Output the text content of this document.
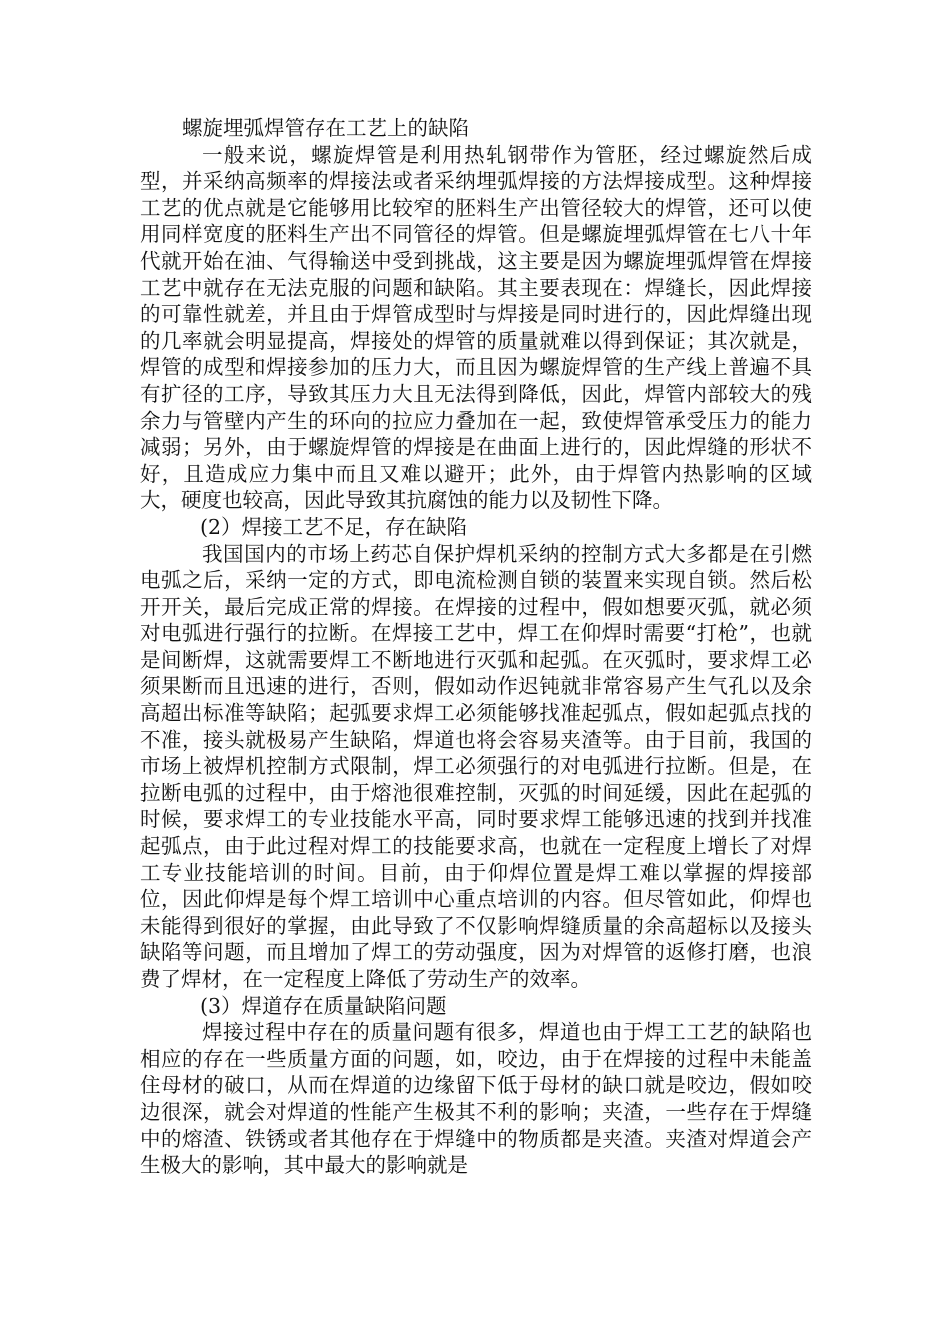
螺旋埋弧焊管存在工艺上的缺陷

一般来说，螺旋焊管是利用热轧钢带作为管胚，经过螺旋然后成型，并采纳高频率的焊接法或者采纳埋弧焊接的方法焊接成型。这种焊接工艺的优点就是它能够用比较窄的胚料生产出管径较大的焊管，还可以使用同样宽度的胚料生产出不同管径的焊管。但是螺旋埋弧焊管在七八十年代就开始在油、气得输送中受到挑战，这主要是因为螺旋埋弧焊管在焊接工艺中就存在无法克服的问题和缺陷。其主要表现在：焊缝长，因此焊接的可靠性就差，并且由于焊管成型时与焊接是同时进行的，因此焊缝出现的几率就会明显提高，焊接处的焊管的质量就难以得到保证；其次就是，焊管的成型和焊接参加的压力大，而且因为螺旋焊管的生产线上普遍不具有扩径的工序，导致其压力大且无法得到降低，因此，焊管内部较大的残余力与管壁内产生的环向的拉应力叠加在一起，致使焊管承受压力的能力减弱；另外，由于螺旋焊管的焊接是在曲面上进行的，因此焊缝的形状不好，且造成应力集中而且又难以避开；此外，由于焊管内热影响的区域大，硬度也较高，因此导致其抗腐蚀的能力以及韧性下降。

(2）焊接工艺不足，存在缺陷

我国国内的市场上药芯自保护焊机采纳的控制方式大多都是在引燃电弧之后，采纳一定的方式，即电流检测自锁的装置来实现自锁。然后松开开关，最后完成正常的焊接。在焊接的过程中，假如想要灭弧，就必须对电弧进行强行的拉断。在焊接工艺中，焊工在仰焊时需要“打枪”，也就是间断焊，这就需要焊工不断地进行灭弧和起弧。在灭弧时，要求焊工必须果断而且迅速的进行，否则，假如动作迟钝就非常容易产生气孔以及余高超出标准等缺陷；起弧要求焊工必须能够找准起弧点，假如起弧点找的不准，接头就极易产生缺陷，焊道也将会容易夹渣等。由于目前，我国的市场上被焊机控制方式限制，焊工必须强行的对电弧进行拉断。但是，在拉断电弧的过程中，由于熔池很难控制，灭弧的时间延缓，因此在起弧的时候，要求焊工的专业技能水平高，同时要求焊工能够迅速的找到并找准起弧点，由于此过程对焊工的技能要求高，也就在一定程度上增长了对焊工专业技能培训的时间。目前，由于仰焊位置是焊工难以掌握的焊接部位，因此仰焊是每个焊工培训中心重点培训的内容。但尽管如此，仰焊也未能得到很好的掌握，由此导致了不仅影响焊缝质量的余高超标以及接头缺陷等问题，而且增加了焊工的劳动强度，因为对焊管的返修打磨，也浪费了焊材，在一定程度上降低了劳动生产的效率。

(3）焊道存在质量缺陷问题

焊接过程中存在的质量问题有很多，焊道也由于焊工工艺的缺陷也相应的存在一些质量方面的问题，如，咬边，由于在焊接的过程中未能盖住母材的破口，从而在焊道的边缘留下低于母材的缺口就是咬边，假如咬边很深，就会对焊道的性能产生极其不利的影响；夹渣，一些存在于焊缝中的熔渣、铁锈或者其他存在于焊缝中的物质都是夹渣。夹渣对焊道会产生极大的影响，其中最大的影响就是
